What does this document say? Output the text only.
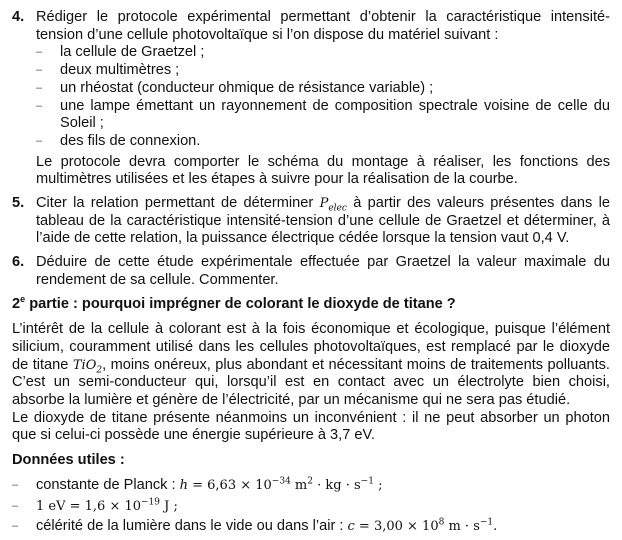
4. Rédiger le protocole expérimental permettant d’obtenir la caractéristique intensité-tension d’une cellule photovoltaïque si l’on dispose du matériel suivant :
– la cellule de Graetzel ;
– deux multimètres ;
– un rhéostat (conducteur ohmique de résistance variable) ;
– une lampe émettant un rayonnement de composition spectrale voisine de celle du Soleil ;
– des fils de connexion.
Le protocole devra comporter le schéma du montage à réaliser, les fonctions des multimètres utilisées et les étapes à suivre pour la réalisation de la courbe.
5. Citer la relation permettant de déterminer $P_{elec}$ à partir des valeurs présentes dans le tableau de la caractéristique intensité-tension d’une cellule de Graetzel et déterminer, à l’aide de cette relation, la puissance électrique cédée lorsque la tension vaut 0,4 V.
6. Déduire de cette étude expérimentale effectuée par Graetzel la valeur maximale du rendement de sa cellule. Commenter.
2e partie : pourquoi imprégner de colorant le dioxyde de titane ?
L’intérêt de la cellule à colorant est à la fois économique et écologique, puisque l’élément silicium, couramment utilisé dans les cellules photovoltaïques, est remplacé par le dioxyde de titane TiO$_2$, moins onéreux, plus abondant et nécessitant moins de traitements polluants. C’est un semi-conducteur qui, lorsqu’il est en contact avec un électrolyte bien choisi, absorbe la lumière et génère de l’électricité, par un mécanisme qui ne sera pas étudié.
Le dioxyde de titane présente néanmoins un inconvénient : il ne peut absorber un photon que si celui-ci possède une énergie supérieure à 3,7 eV.
Données utiles :
– constante de Planck : $h = 6,63 \times 10^{-34}$ $m^2$ · kg · $s^{-1}$ ;
– 1 eV = $1,6 \times 10^{-19}$ J ;
– célérité de la lumière dans le vide ou dans l’air : $c = 3,00 \times 10^8$ $m \cdot s^{-1}$.
